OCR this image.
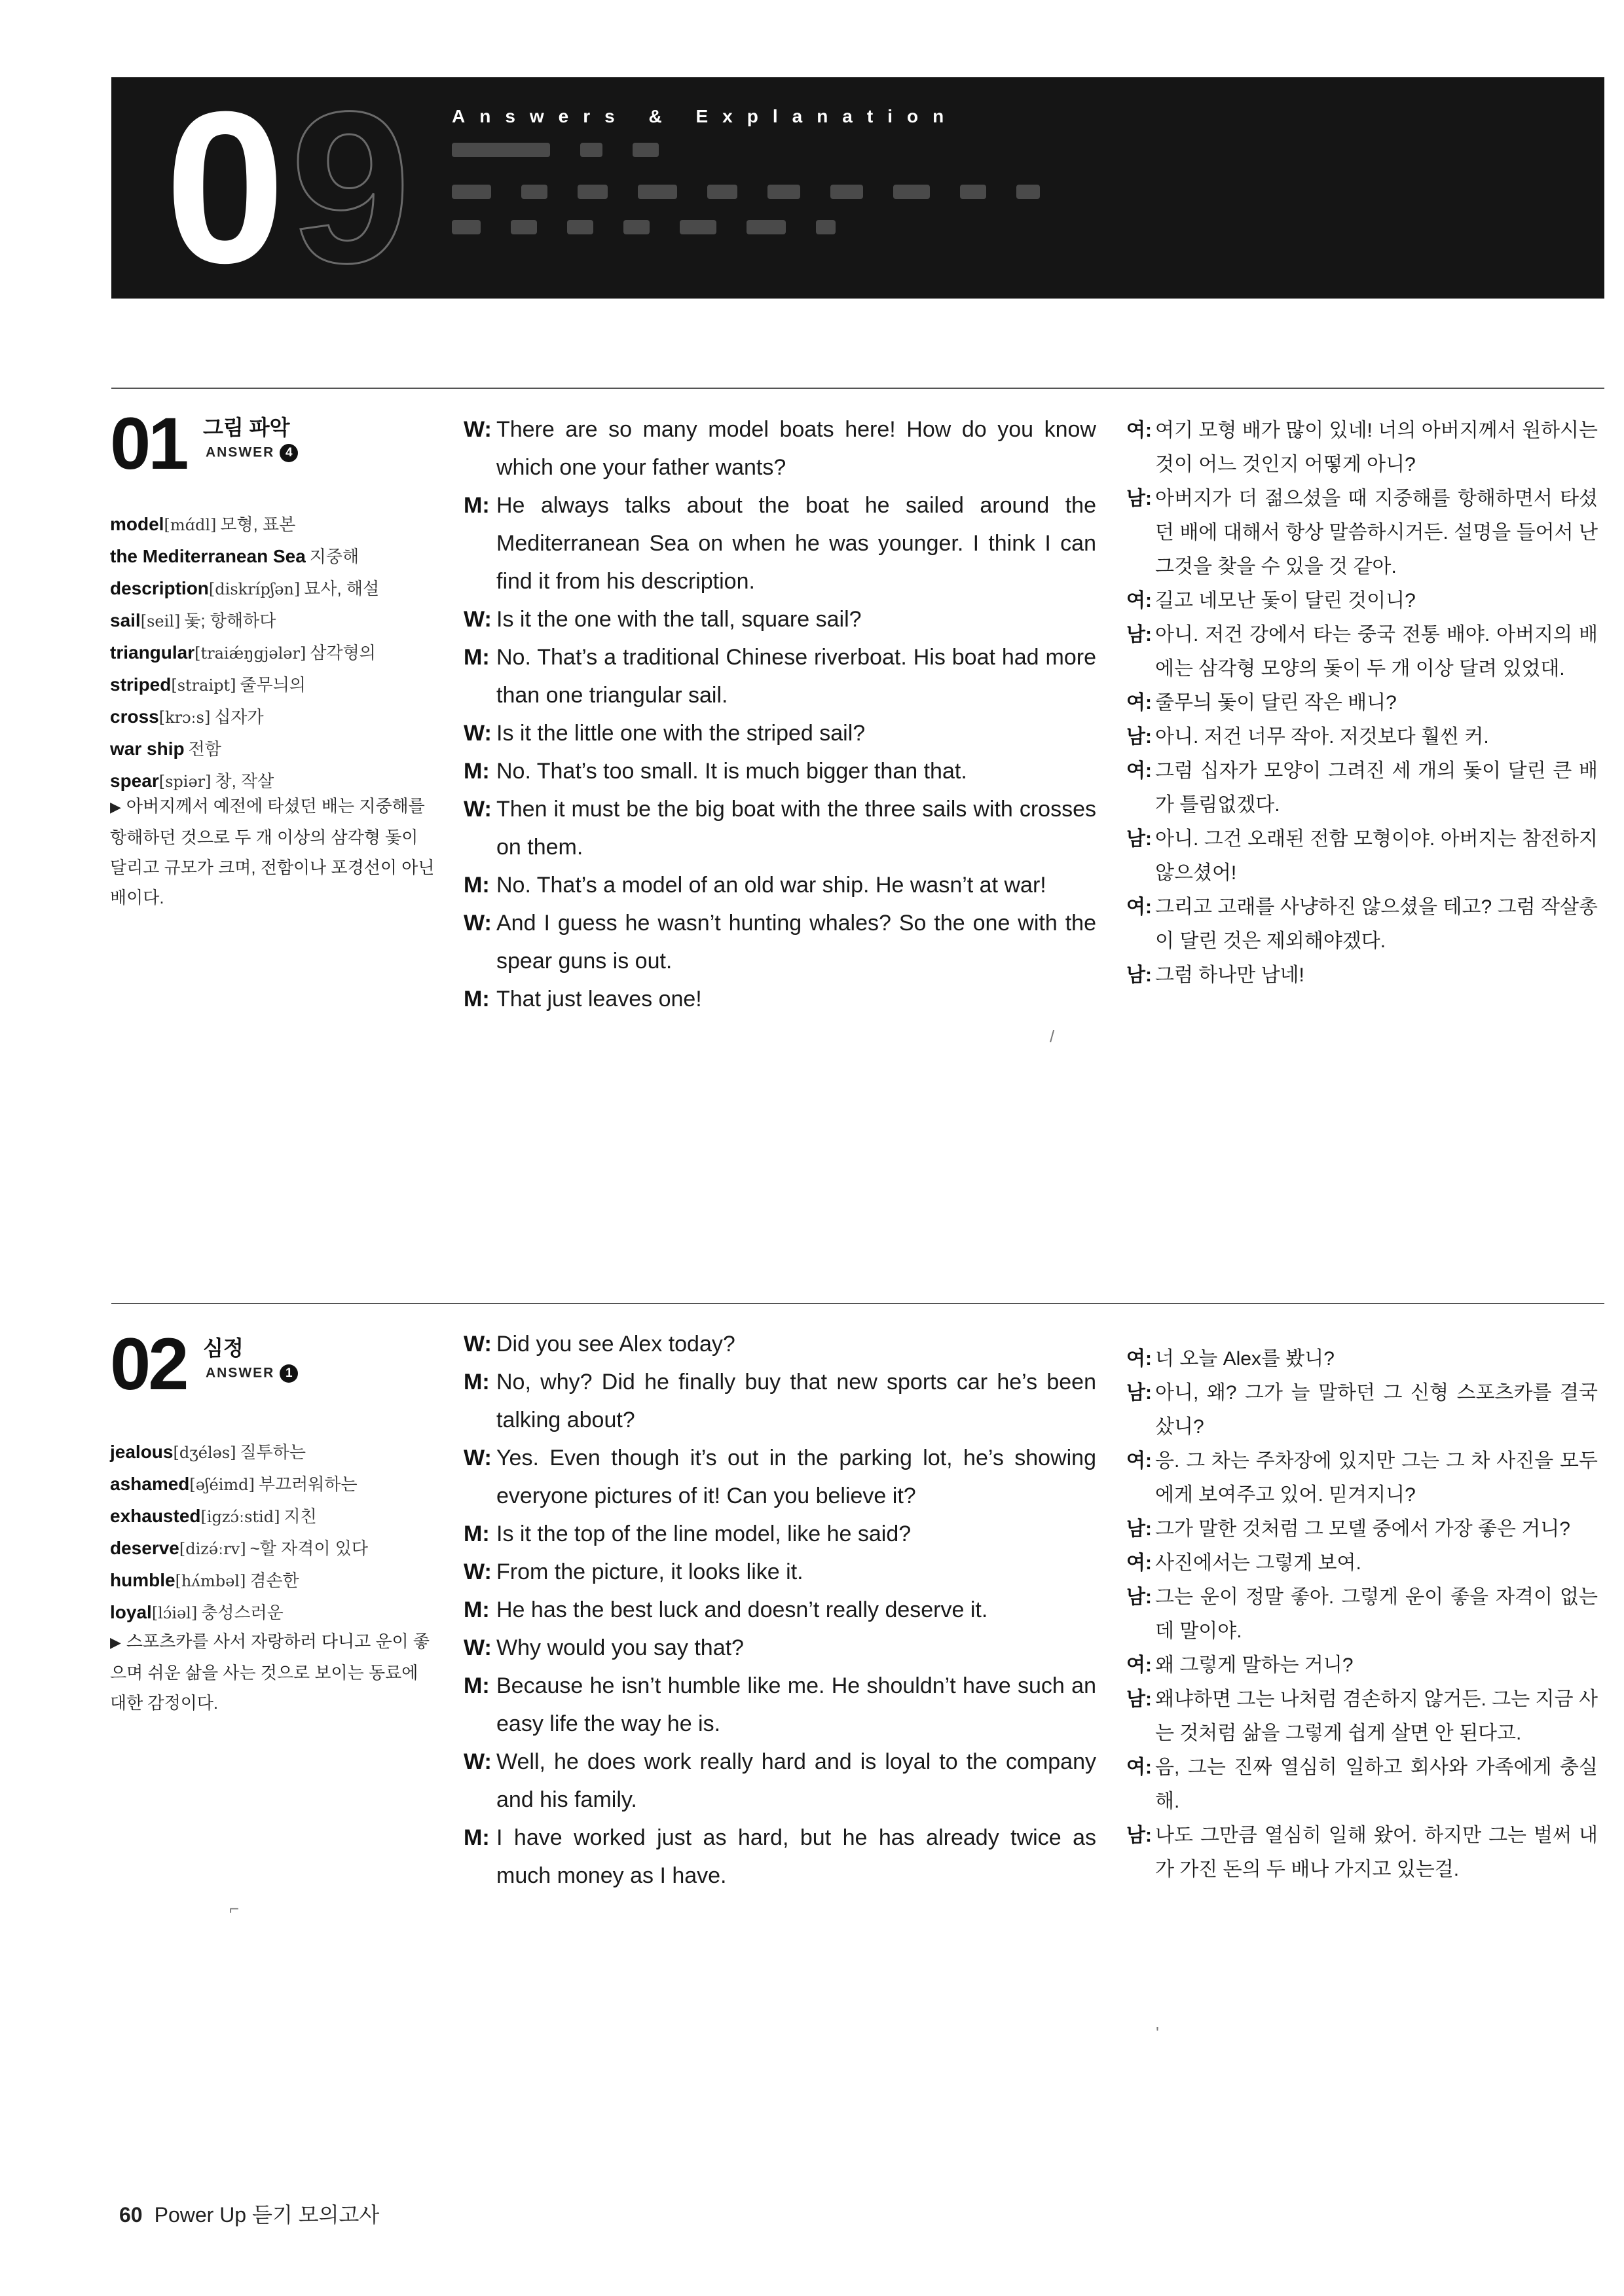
09	Answers & Explanation
01 그림 파악
ANSWER 4
model[mɑ́dl] 모형, 표본
the Mediterranean Sea 지중해
description[diskrípʃən] 묘사, 해설
sail[seil] 돛; 항해하다
triangular[traiǽŋgjələr] 삼각형의
striped[straipt] 줄무늬의
cross[krɔːs] 십자가
war ship 전함
spear[spiər] 창, 작살
▶ 아버지께서 예전에 타셨던 배는 지중해를 항해하던 것으로 두 개 이상의 삼각형 돛이 달리고 규모가 크며, 전함이나 포경선이 아닌 배이다.
W: There are so many model boats here! How do you know which one your father wants?
M: He always talks about the boat he sailed around the Mediterranean Sea on when he was younger. I think I can find it from his description.
W: Is it the one with the tall, square sail?
M: No. That’s a traditional Chinese riverboat. His boat had more than one triangular sail.
W: Is it the little one with the striped sail?
M: No. That’s too small. It is much bigger than that.
W: Then it must be the big boat with the three sails with crosses on them.
M: No. That’s a model of an old war ship. He wasn’t at war!
W: And I guess he wasn’t hunting whales? So the one with the spear guns is out.
M: That just leaves one!
여: 여기 모형 배가 많이 있네! 너의 아버지께서 원하시는 것이 어느 것인지 어떻게 아니?
남: 아버지가 더 젊으셨을 때 지중해를 항해하면서 타셨던 배에 대해서 항상 말씀하시거든. 설명을 들어서 난 그것을 찾을 수 있을 것 같아.
여: 길고 네모난 돛이 달린 것이니?
남: 아니. 저건 강에서 타는 중국 전통 배야. 아버지의 배에는 삼각형 모양의 돛이 두 개 이상 달려 있었대.
여: 줄무늬 돛이 달린 작은 배니?
남: 아니. 저건 너무 작아. 저것보다 훨씬 커.
여: 그럼 십자가 모양이 그려진 세 개의 돛이 달린 큰 배가 틀림없겠다.
남: 아니. 그건 오래된 전함 모형이야. 아버지는 참전하지 않으셨어!
여: 그리고 고래를 사냥하진 않으셨을 테고? 그럼 작살총이 달린 것은 제외해야겠다.
남: 그럼 하나만 남네!
02 심정
ANSWER 1
jealous[dʒéləs] 질투하는
ashamed[əʃéimd] 부끄러워하는
exhausted[igzɔ́ːstid] 지친
deserve[dizə́ːrv] ~할 자격이 있다
humble[hʌ́mbəl] 겸손한
loyal[lɔ́iəl] 충성스러운
▶ 스포츠카를 사서 자랑하러 다니고 운이 좋으며 쉬운 삶을 사는 것으로 보이는 동료에 대한 감정이다.
W: Did you see Alex today?
M: No, why? Did he finally buy that new sports car he’s been talking about?
W: Yes. Even though it’s out in the parking lot, he’s showing everyone pictures of it! Can you believe it?
M: Is it the top of the line model, like he said?
W: From the picture, it looks like it.
M: He has the best luck and doesn’t really deserve it.
W: Why would you say that?
M: Because he isn’t humble like me. He shouldn’t have such an easy life the way he is.
W: Well, he does work really hard and is loyal to the company and his family.
M: I have worked just as hard, but he has already twice as much money as I have.
여: 너 오늘 Alex를 봤니?
남: 아니, 왜? 그가 늘 말하던 그 신형 스포츠카를 결국 샀니?
여: 응. 그 차는 주차장에 있지만 그는 그 차 사진을 모두에게 보여주고 있어. 믿겨지니?
남: 그가 말한 것처럼 그 모델 중에서 가장 좋은 거니?
여: 사진에서는 그렇게 보여.
남: 그는 운이 정말 좋아. 그렇게 운이 좋을 자격이 없는데 말이야.
여: 왜 그렇게 말하는 거니?
남: 왜냐하면 그는 나처럼 겸손하지 않거든. 그는 지금 사는 것처럼 삶을 그렇게 쉽게 살면 안 된다고.
여: 음, 그는 진짜 열심히 일하고 회사와 가족에게 충실해.
남: 나도 그만큼 열심히 일해 왔어. 하지만 그는 벌써 내가 가진 돈의 두 배나 가지고 있는걸.
⌐
'
/
60 Power Up 듣기 모의고사
